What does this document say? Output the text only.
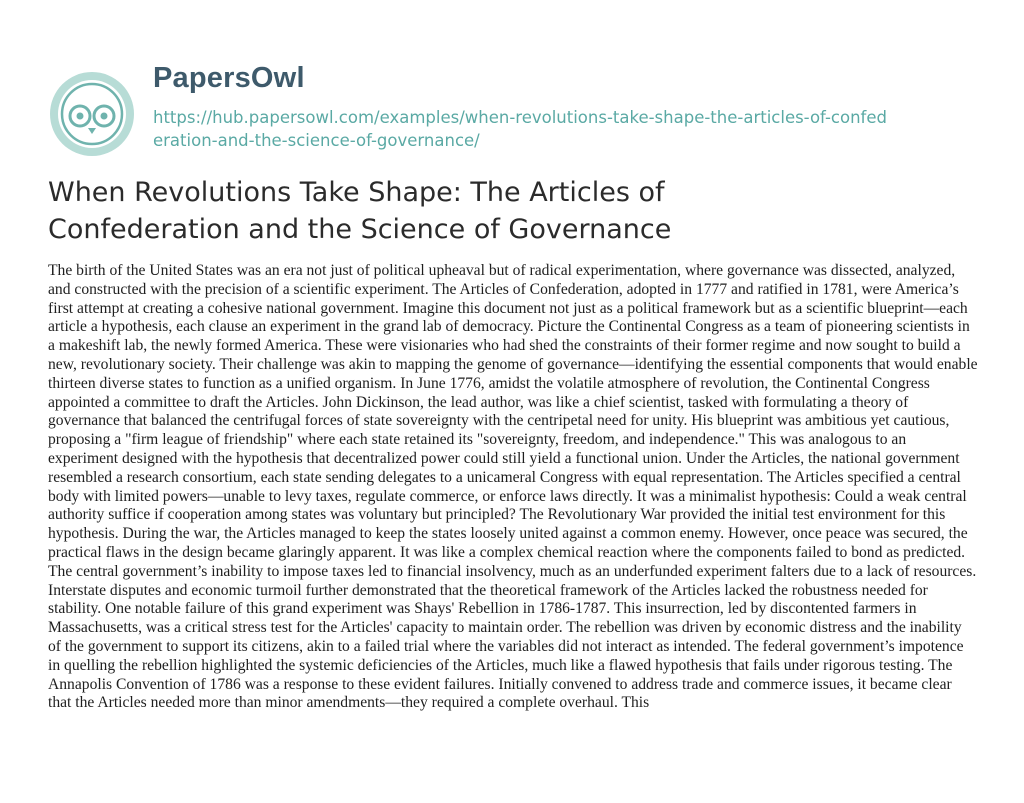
PapersOwl
https://hub.papersowl.com/examples/when-revolutions-take-shape-the-articles-of-confederation-and-the-science-of-governance/
When Revolutions Take Shape: The Articles of Confederation and the Science of Governance

The birth of the United States was an era not just of political upheaval but of radical experimentation, where governance was dissected, analyzed, and constructed with the precision of a scientific experiment. The Articles of Confederation, adopted in 1777 and ratified in 1781, were America’s first attempt at creating a cohesive national government. Imagine this document not just as a political framework but as a scientific blueprint—each article a hypothesis, each clause an experiment in the grand lab of democracy. Picture the Continental Congress as a team of pioneering scientists in a makeshift lab, the newly formed America. These were visionaries who had shed the constraints of their former regime and now sought to build a new, revolutionary society. Their challenge was akin to mapping the genome of governance—identifying the essential components that would enable thirteen diverse states to function as a unified organism. In June 1776, amidst the volatile atmosphere of revolution, the Continental Congress appointed a committee to draft the Articles. John Dickinson, the lead author, was like a chief scientist, tasked with formulating a theory of governance that balanced the centrifugal forces of state sovereignty with the centripetal need for unity. His blueprint was ambitious yet cautious, proposing a "firm league of friendship" where each state retained its "sovereignty, freedom, and independence." This was analogous to an experiment designed with the hypothesis that decentralized power could still yield a functional union. Under the Articles, the national government resembled a research consortium, each state sending delegates to a unicameral Congress with equal representation. The Articles specified a central body with limited powers—unable to levy taxes, regulate commerce, or enforce laws directly. It was a minimalist hypothesis: Could a weak central authority suffice if cooperation among states was voluntary but principled? The Revolutionary War provided the initial test environment for this hypothesis. During the war, the Articles managed to keep the states loosely united against a common enemy. However, once peace was secured, the practical flaws in the design became glaringly apparent. It was like a complex chemical reaction where the components failed to bond as predicted. The central government’s inability to impose taxes led to financial insolvency, much as an underfunded experiment falters due to a lack of resources. Interstate disputes and economic turmoil further demonstrated that the theoretical framework of the Articles lacked the robustness needed for stability. One notable failure of this grand experiment was Shays' Rebellion in 1786-1787. This insurrection, led by discontented farmers in Massachusetts, was a critical stress test for the Articles' capacity to maintain order. The rebellion was driven by economic distress and the inability of the government to support its citizens, akin to a failed trial where the variables did not interact as intended. The federal government’s impotence in quelling the rebellion highlighted the systemic deficiencies of the Articles, much like a flawed hypothesis that fails under rigorous testing. The Annapolis Convention of 1786 was a response to these evident failures. Initially convened to address trade and commerce issues, it became clear that the Articles needed more than minor amendments—they required a complete overhaul. This
